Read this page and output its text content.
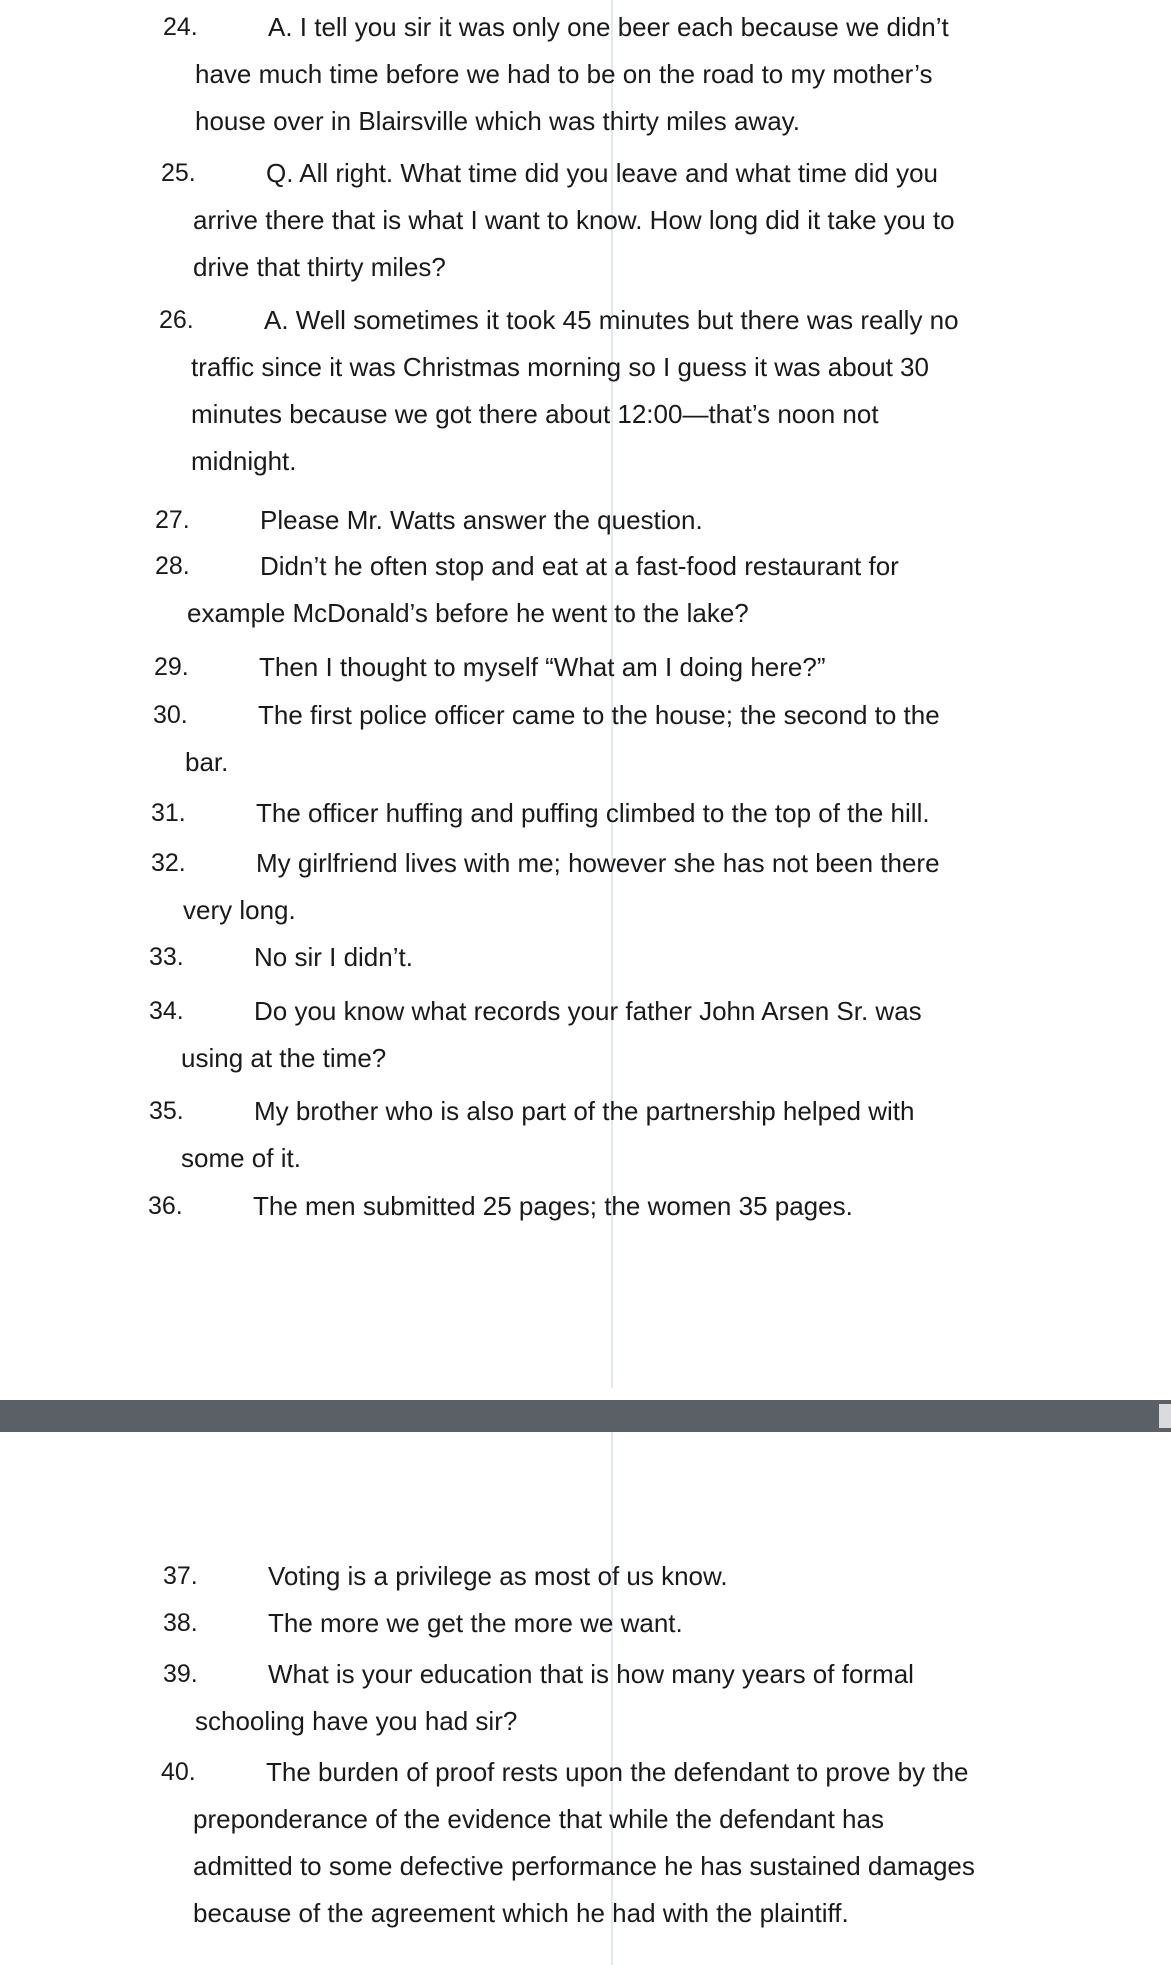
24.	A. I tell you sir it was only one beer each because we didn’t
have much time before we had to be on the road to my mother’s
house over in Blairsville which was thirty miles away.
25.	Q. All right. What time did you leave and what time did you
arrive there that is what I want to know. How long did it take you to
drive that thirty miles?
26.	A. Well sometimes it took 45 minutes but there was really no
traffic since it was Christmas morning so I guess it was about 30
minutes because we got there about 12:00—that’s noon not
midnight.
27.	Please Mr. Watts answer the question.
28.	Didn’t he often stop and eat at a fast-food restaurant for
example McDonald’s before he went to the lake?
29.	Then I thought to myself “What am I doing here?”
30.	The first police officer came to the house; the second to the
bar.
31.	The officer huffing and puffing climbed to the top of the hill.
32.	My girlfriend lives with me; however she has not been there
very long.
33.	No sir I didn’t.
34.	Do you know what records your father John Arsen Sr. was
using at the time?
35.	My brother who is also part of the partnership helped with
some of it.
36.	The men submitted 25 pages; the women 35 pages.
37.	Voting is a privilege as most of us know.
38.	The more we get the more we want.
39.	What is your education that is how many years of formal
schooling have you had sir?
40.	The burden of proof rests upon the defendant to prove by the
preponderance of the evidence that while the defendant has
admitted to some defective performance he has sustained damages
because of the agreement which he had with the plaintiff.
